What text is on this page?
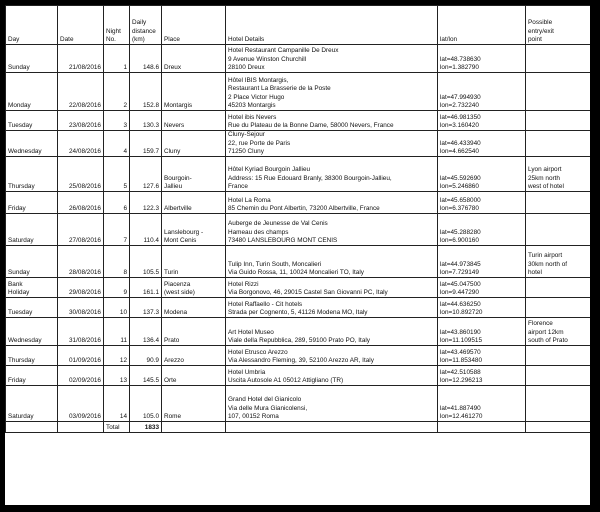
Day	Date	Night
No.	Daily
distance
(km)	Place	Hotel Details	lat/lon	Possible
entry/exit
point

Sunday	21/08/2016	1	148.6	Dreux	Hotel Restaurant Campanille De Dreux
9 Avenue Winston Churchill
28100 Dreux	lat=48.738630
lon=1.382790	

Monday	22/08/2016	2	152.8	Montargis	Hôtel IBIS Montargis,
Restaurant La Brasserie de la Poste
2 Place Victor Hugo
45203 Montargis	lat=47.994930
lon=2.732240	

Tuesday	23/08/2016	3	130.3	Nevers	Hotel ibis Nevers
Rue du Plateau de la Bonne Dame, 58000 Nevers, France	lat=46.981350
lon=3.160420	

Wednesday	24/08/2016	4	159.7	Cluny	Cluny-Sejour
22, rue Porte de Paris
71250 Cluny	lat=46.433940
lon=4.662540	

Thursday	25/08/2016	5	127.6	Bourgoin-
Jallieu	Hôtel Kyriad Bourgoin Jallieu
Address: 15 Rue Edouard Branly, 38300 Bourgoin-Jallieu,
France	lat=45.592690
lon=5.246860	Lyon airport
25km north
west of hotel

Friday	26/08/2016	6	122.3	Albertville	Hotel La Roma
85 Chemin du Pont Albertin, 73200 Albertville, France	lat=45.658000
lon=6.376780	

Saturday	27/08/2016	7	110.4	Lanslebourg -
Mont Cenis	Auberge de Jeunesse de Val Cenis
Hameau des champs
73480 LANSLEBOURG MONT CENIS	lat=45.288280
lon=6.900160	

Sunday	28/08/2016	8	105.5	Turin	Tulip Inn, Turin South, Moncalieri
Via Guido Rossa, 11, 10024 Moncalieri TO, Italy	lat=44.973845
lon=7.729149	Turin airport
30km north of
hotel

Bank
Holiday	29/08/2016	9	161.1	Piacenza
(west side)	Hotel Rizzi
Via Borgonovo, 46, 29015 Castel San Giovanni PC, Italy	lat=45.047500
lon=9.447290	

Tuesday	30/08/2016	10	137.3	Modena	Hotel Raffaello - Cit hotels
Strada per Cognento, 5, 41126 Modena MO, Italy	lat=44.636250
lon=10.892720	

Wednesday	31/08/2016	11	136.4	Prato	Art Hotel Museo
Viale della Repubblica, 289, 59100 Prato PO, Italy	lat=43.860190
lon=11.109515	Florence
airport 12km
south of Prato

Thursday	01/09/2016	12	90.9	Arezzo	Hotel Etrusco Arezzo
Via Alessandro Fleming, 39, 52100 Arezzo AR, Italy	lat=43.469570
lon=11.853480	

Friday	02/09/2016	13	145.5	Orte	Hotel Umbria
Uscita Autosole A1 05012 Attigliano (TR)	lat=42.510588
lon=12.296213	

Saturday	03/09/2016	14	105.0	Rome	Grand Hotel del Gianicolo
Via delle Mura Gianicolensi,
107, 00152 Roma	lat=41.887490
lon=12.461270	

		Total	1833				
